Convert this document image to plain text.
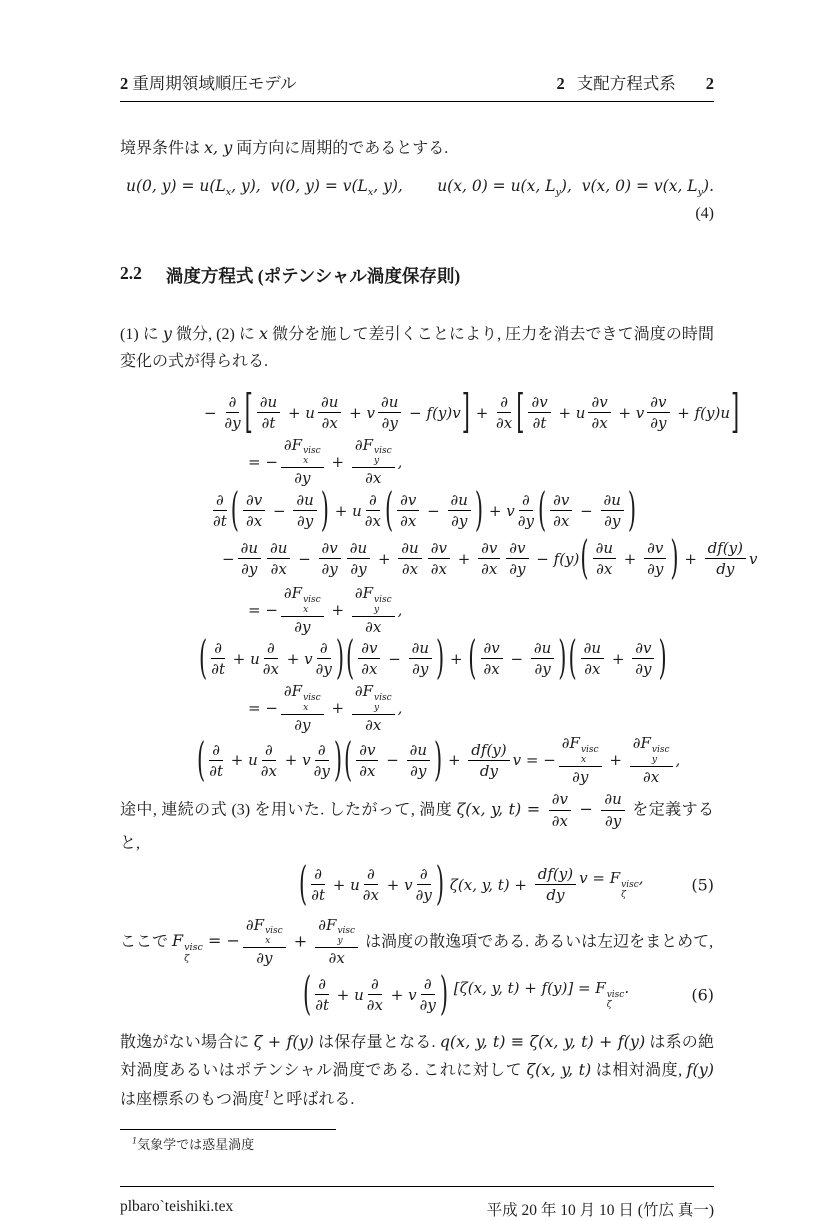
2 重周期領域順圧モデル	2 支配方程式系 2

境界条件は x, y 両方向に周期的であるとする.

u(0, $y) = u(L_x$, y),  v(0, $y) = v(L_x$, y), u(x, 0) = u(x, $L_y$),  v(x, 0) = v(x, $L_y$).
(4)
2.2 渦度方程式 (ポテンシャル渦度保存則)

(1) に y 微分, (2) に x 微分を施して差引くことにより, 圧力を消去できて渦度の時間変化の式が得られる.

− $\frac{\partial}{\partial y}$ [ $\frac{\partial u}{\partial t} + u \frac{\partial u}{\partial x} + v \frac{\partial u}{\partial y} - f(y)v$ ] + $\frac{\partial}{\partial x}$ [ $\frac{\partial v}{\partial t} + u \frac{\partial v}{\partial x} + v \frac{\partial v}{\partial y} + f(y)u$ ]
= − ∂F visc
x
∂y + ∂F visc
y
∂x ,
$\frac{\partial}{\partial t}$ ( $\frac{\partial v}{\partial x} - \frac{\partial u}{\partial y}$ ) + u $\frac{\partial}{\partial x}$ ( $\frac{\partial v}{\partial x} - \frac{\partial u}{\partial y}$ ) + v $\frac{\partial}{\partial y}$ ( $\frac{\partial v}{\partial x} - \frac{\partial u}{\partial y}$ )
− $\frac{\partial u}{\partial y} \frac{\partial u}{\partial x} - \frac{\partial v}{\partial y} \frac{\partial u}{\partial y} + \frac{\partial u}{\partial x} \frac{\partial v}{\partial x} + \frac{\partial v}{\partial x} \frac{\partial v}{\partial y} - f(y)$ ( $\frac{\partial u}{\partial x} + \frac{\partial v}{\partial y}$ ) + $\frac{df(y)}{dy}$ v
= − ∂F visc
x
∂y + ∂F visc
y
∂x ,
( $\frac{\partial}{\partial t} + u \frac{\partial}{\partial x} + v \frac{\partial}{\partial y}$ ) ( $\frac{\partial v}{\partial x} - \frac{\partial u}{\partial y}$ ) + ( $\frac{\partial v}{\partial x} - \frac{\partial u}{\partial y}$ ) ( $\frac{\partial u}{\partial x} + \frac{\partial v}{\partial y}$ )
= − ∂F visc
x
∂y + ∂F visc
y
∂x ,
( $\frac{\partial}{\partial t} + u \frac{\partial}{\partial x} + v \frac{\partial}{\partial y}$ ) ( $\frac{\partial v}{\partial x} - \frac{\partial u}{\partial y}$ ) + $\frac{df(y)}{dy}$ v = − ∂F visc
x
∂y + ∂F visc
y
∂x ,

途中, 連続の式 (3) を用いた. したがって, 渦度 ζ(x, y, $t) = \frac{\partial v}{\partial x} - \frac{\partial u}{\partial y}$ を定義すると,

(5)
( $\frac{\partial}{\partial t} + u \frac{\partial}{\partial x} + v \frac{\partial}{\partial y}$ ) ζ(x, y, $t) + \frac{df(y)}{dy}$ v = F visc
ζ
,

ここで F visc
ζ
= − ∂F visc
x
∂y + ∂F visc
y
∂x は渦度の散逸項である. あるいは左辺をまとめて,

(6)
( $\frac{\partial}{\partial t} + u \frac{\partial}{\partial x} + v \frac{\partial}{\partial y}$ ) [ζ(x, y, t) + f(y)] = F visc
ζ
.

散逸がない場合に ζ + f(y) は保存量となる. q(x, y, t) ≡ ζ(x, y, t) + f(y) は系の絶対渦度あるいはポテンシャル渦度である. これに対して ζ(x, y, t) は相対渦度, f(y) は座標系のもつ渦度$^1$と呼ばれる.

$^1$気象学では惑星渦度
plbaro`teishiki.tex	平成 20 年 10 月 10 日 (竹広 真一)
